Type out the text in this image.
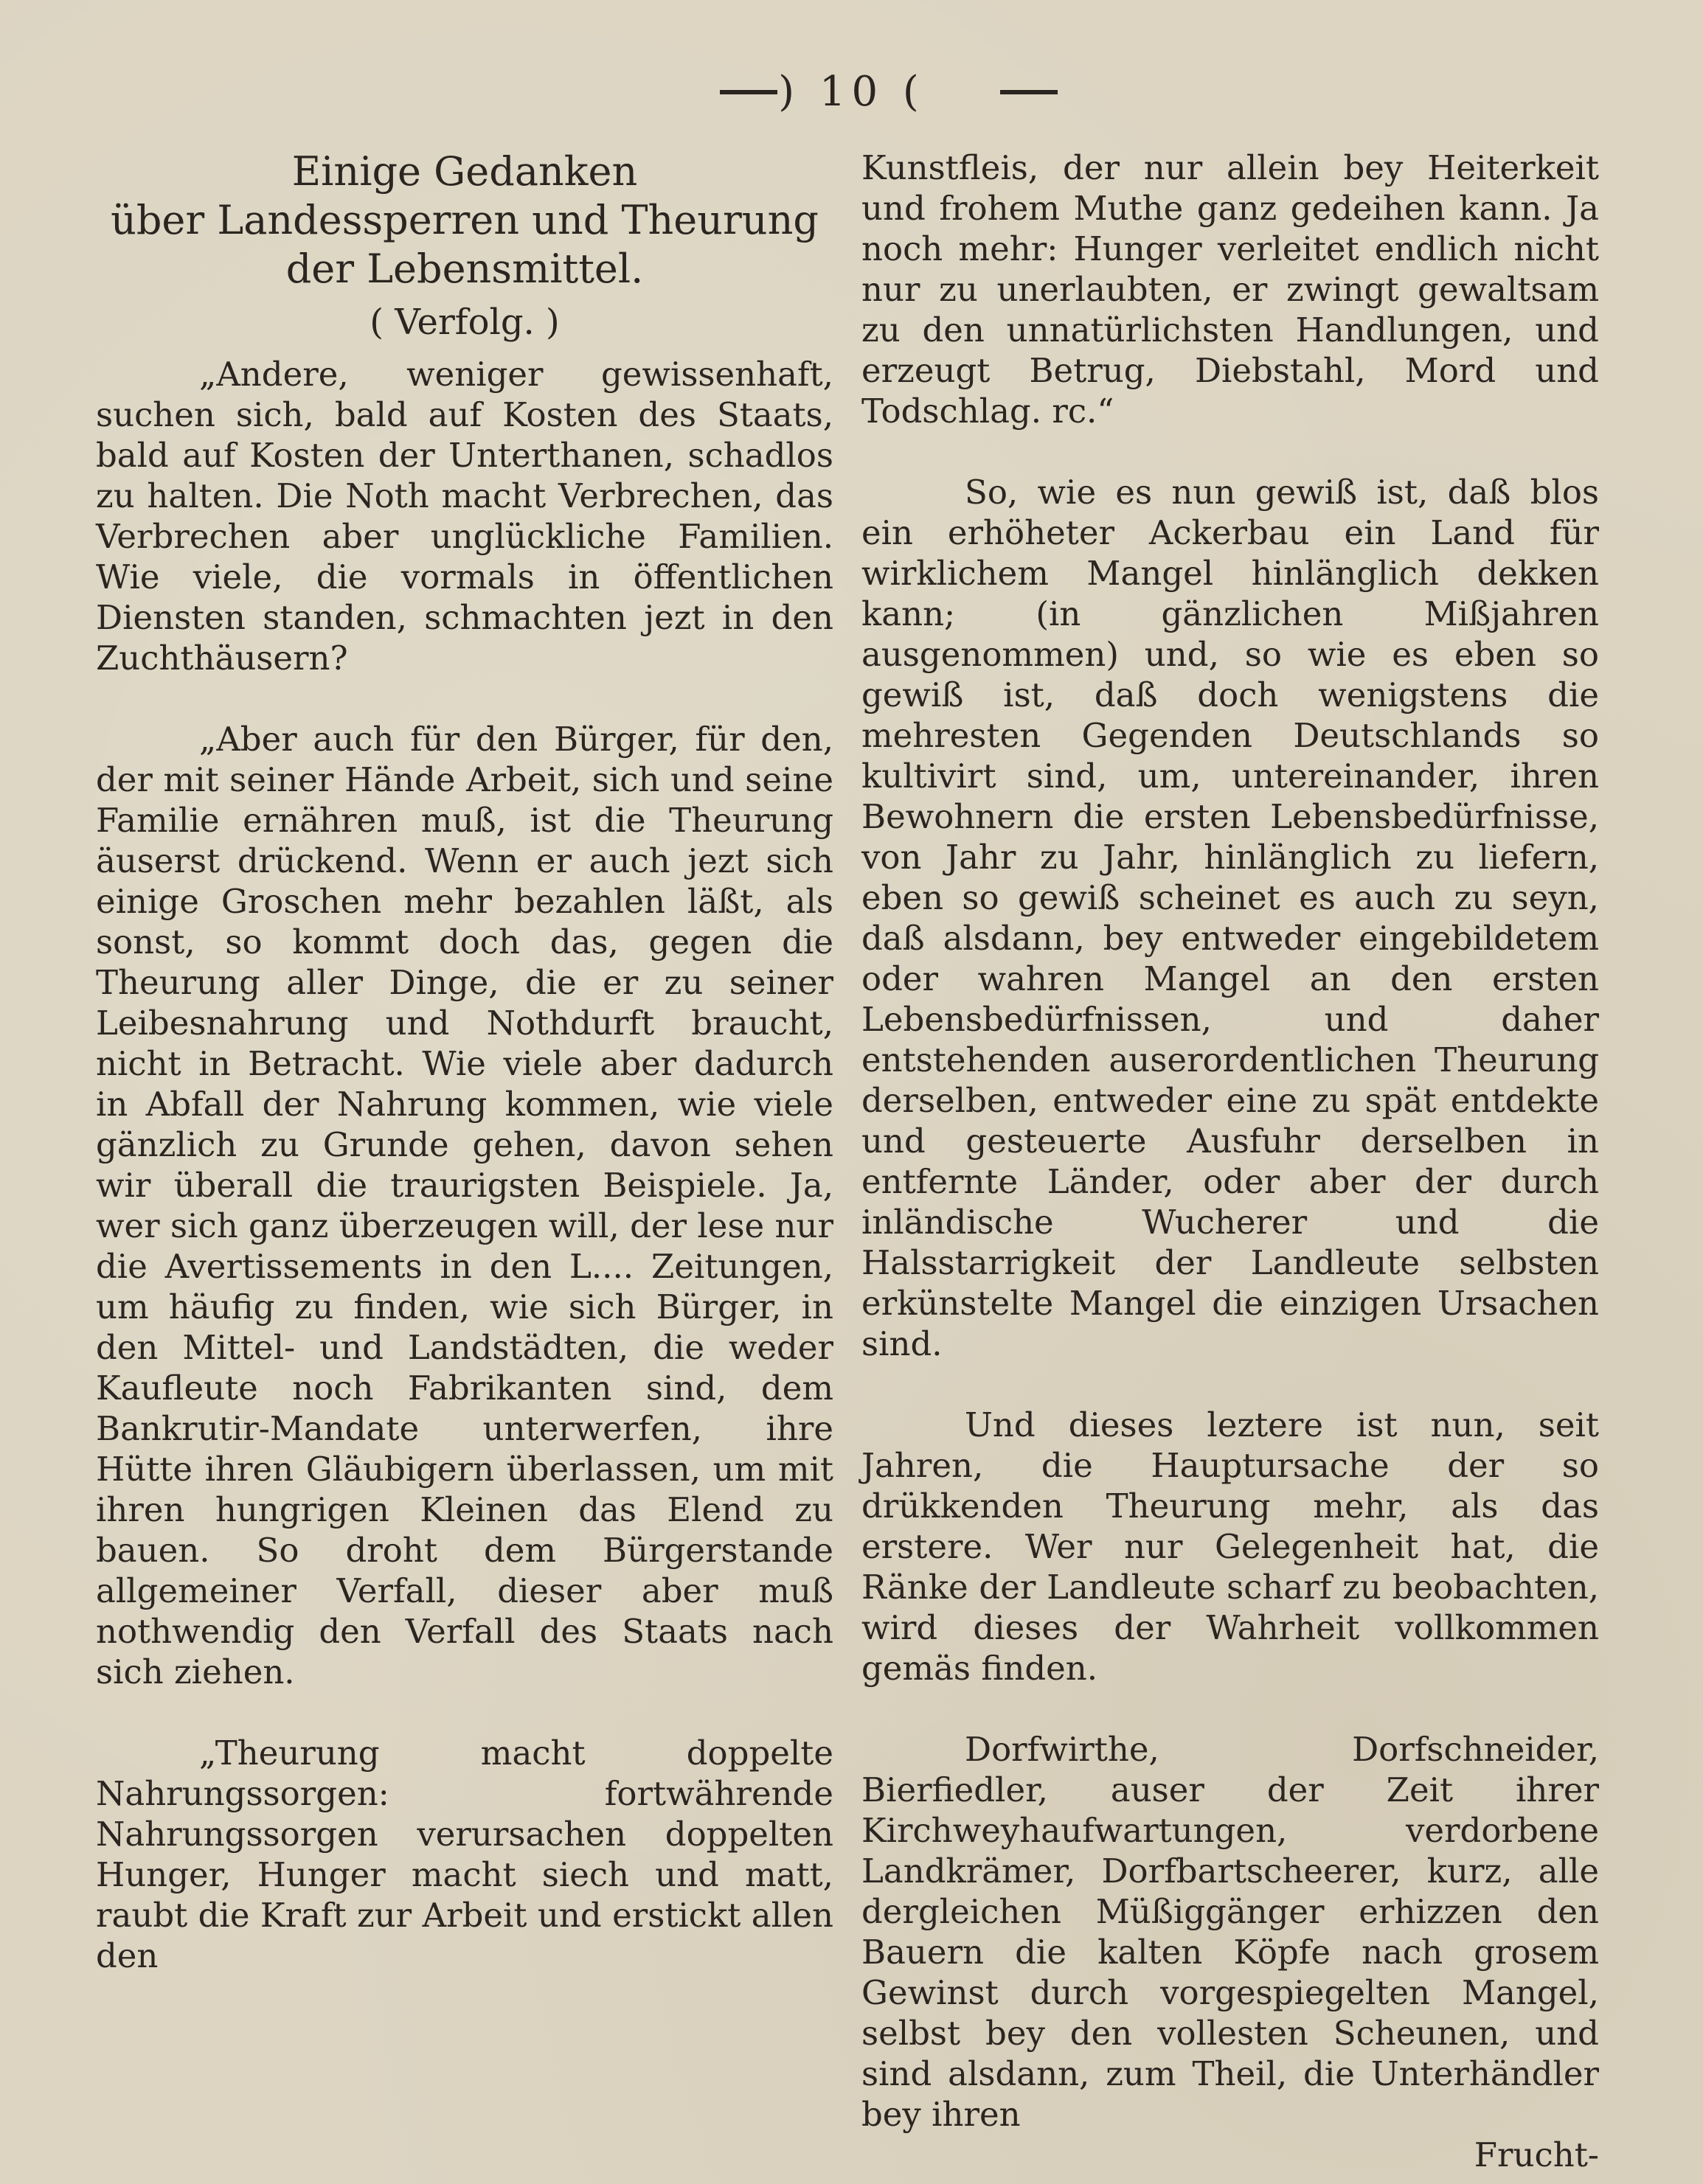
) 10 (
Einige Gedanken
über Landessperren und Theurung
der Lebensmittel.
( Verfolg. )

„Andere, weniger gewissenhaft, suchen sich, bald auf Kosten des Staats, bald auf Kosten der Unterthanen, schadlos zu halten. Die Noth macht Verbrechen, das Verbrechen aber unglückliche Familien. Wie viele, die vormals in öffentlichen Diensten standen, schmachten jezt in den Zuchthäusern?

„Aber auch für den Bürger, für den, der mit seiner Hände Arbeit, sich und seine Familie ernähren muß, ist die Theurung äuserst drückend. Wenn er auch jezt sich einige Groschen mehr bezahlen läßt, als sonst, so kommt doch das, gegen die Theurung aller Dinge, die er zu seiner Leibesnahrung und Nothdurft braucht, nicht in Betracht. Wie viele aber dadurch in Abfall der Nahrung kommen, wie viele gänzlich zu Grunde gehen, davon sehen wir überall die traurigsten Beispiele. Ja, wer sich ganz überzeugen will, der lese nur die Avertissements in den L.... Zeitungen, um häufig zu finden, wie sich Bürger, in den Mittel- und Landstädten, die weder Kaufleute noch Fabrikanten sind, dem Bankrutir-Mandate unterwerfen, ihre Hütte ihren Gläubigern überlassen, um mit ihren hungrigen Kleinen das Elend zu bauen. So droht dem Bürgerstande allgemeiner Verfall, dieser aber muß nothwendig den Verfall des Staats nach sich ziehen.

„Theurung macht doppelte Nahrungssorgen: fortwährende Nahrungssorgen verursachen doppelten Hunger, Hunger macht siech und matt, raubt die Kraft zur Arbeit und erstickt allen den

Kunstfleis, der nur allein bey Heiterkeit und frohem Muthe ganz gedeihen kann. Ja noch mehr: Hunger verleitet endlich nicht nur zu unerlaubten, er zwingt gewaltsam zu den unnatürlichsten Handlungen, und erzeugt Betrug, Diebstahl, Mord und Todschlag. rc.“

So, wie es nun gewiß ist, daß blos ein erhöheter Ackerbau ein Land für wirklichem Mangel hinlänglich dekken kann; (in gänzlichen Mißjahren ausgenommen) und, so wie es eben so gewiß ist, daß doch wenigstens die mehresten Gegenden Deutschlands so kultivirt sind, um, untereinander, ihren Bewohnern die ersten Lebensbedürfnisse, von Jahr zu Jahr, hinlänglich zu liefern, eben so gewiß scheinet es auch zu seyn, daß alsdann, bey entweder eingebildetem oder wahren Mangel an den ersten Lebensbedürfnissen, und daher entstehenden auserordentlichen Theurung derselben, entweder eine zu spät entdekte und gesteuerte Ausfuhr derselben in entfernte Länder, oder aber der durch inländische Wucherer und die Halsstarrigkeit der Landleute selbsten erkünstelte Mangel die einzigen Ursachen sind.

Und dieses leztere ist nun, seit Jahren, die Hauptursache der so drükkenden Theurung mehr, als das erstere. Wer nur Gelegenheit hat, die Ränke der Landleute scharf zu beobachten, wird dieses der Wahrheit vollkommen gemäs finden.

Dorfwirthe, Dorfschneider, Bierfiedler, auser der Zeit ihrer Kirchweyhaufwartungen, verdorbene Landkrämer, Dorfbartscheerer, kurz, alle dergleichen Müßiggänger erhizzen den Bauern die kalten Köpfe nach grosem Gewinst durch vorgespiegelten Mangel, selbst bey den vollesten Scheunen, und sind alsdann, zum Theil, die Unterhändler bey ihren

Frucht-
